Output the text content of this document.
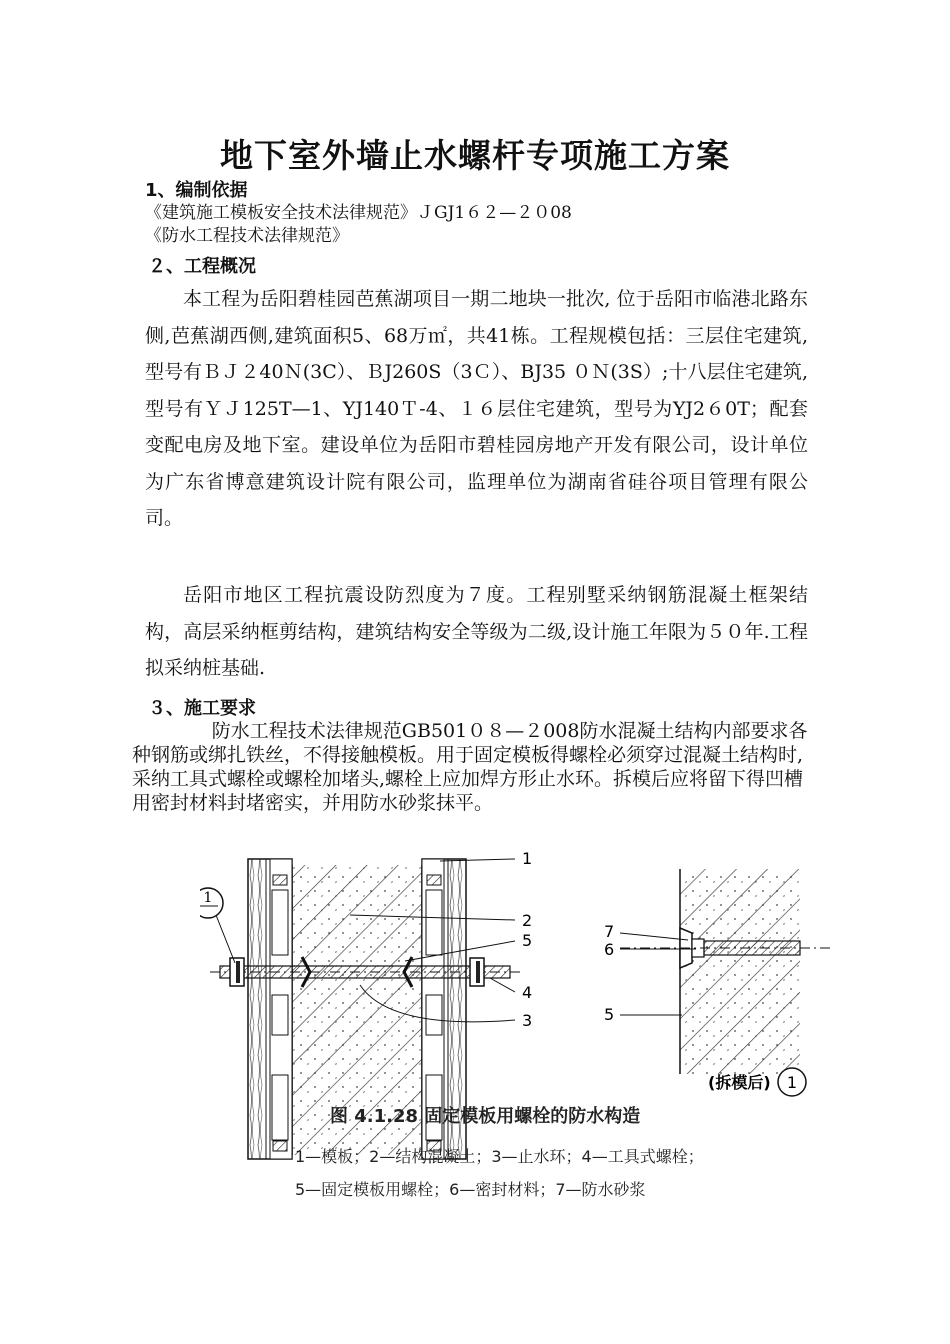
地下室外墙止水螺杆专项施工方案
1、编制依据
《建筑施工模板安全技术法律规范》ＪGJ1６２—２０08
《防水工程技术法律规范》
２、工程概况

本工程为岳阳碧桂园芭蕉湖项目一期二地块一批次, 位于岳阳市临港北路东侧,芭蕉湖西侧,建筑面积5、68万㎡，共41栋。工程规模包括：三层住宅建筑,型号有ＢＪ２40Ｎ(3C）、ＢJ260S（3Ｃ）、BJ35 ０Ｎ(3S）;十八层住宅建筑,型号有ＹＪ125T—1、YJ140Ｔ-4、１６层住宅建筑，型号为YJ2６0T；配套变配电房及地下室。建设单位为岳阳市碧桂园房地产开发有限公司，设计单位为广东省博意建筑设计院有限公司，监理单位为湖南省硅谷项目管理有限公司。

岳阳市地区工程抗震设防烈度为７度。工程别墅采纳钢筋混凝土框架结构，高层采纳框剪结构，建筑结构安全等级为二级,设计施工年限为５０年.工程拟采纳桩基础.

３、施工要求

防水工程技术法律规范GB501０８—２008防水混凝土结构内部要求各种钢筋或绑扎铁丝，不得接触模板。用于固定模板得螺栓必须穿过混凝土结构时,采纳工具式螺栓或螺栓加堵头,螺栓上应加焊方形止水环。拆模后应将留下得凹槽用密封材料封堵密实，并用防水砂浆抹平。

1
1
2
5
4
3
7
6
5
(拆模后) 1
图 4.1.28 固定模板用螺栓的防水构造
1—模板；2—结构混凝土；3—止水环；4—工具式螺栓；
5—固定模板用螺栓；6—密封材料；7—防水砂浆
